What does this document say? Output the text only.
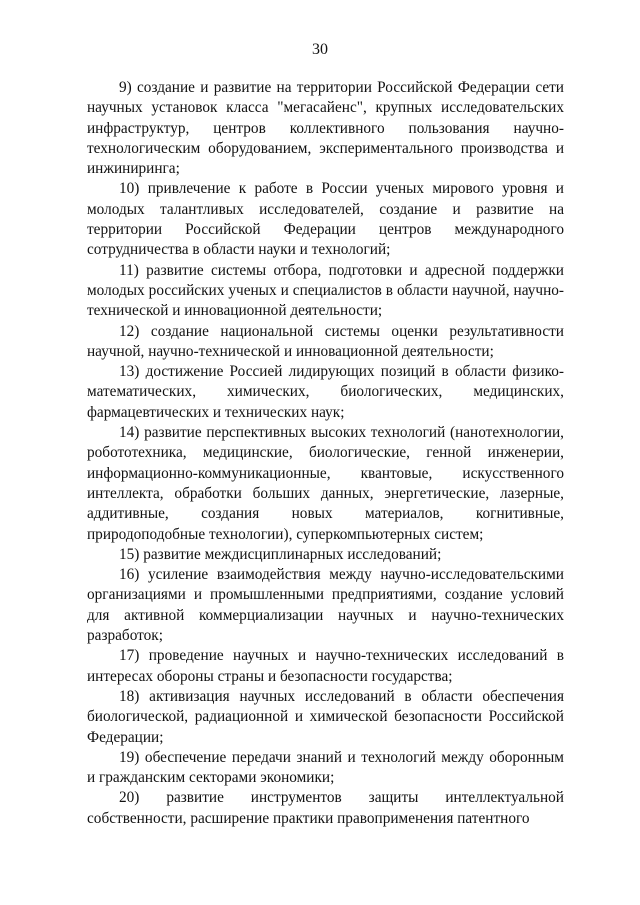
30

9) создание и развитие на территории Российской Федерации сети научных установок класса "мегасайенс", крупных исследовательских инфраструктур, центров коллективного пользования научно-технологическим оборудованием, экспериментального производства и инжиниринга;

10) привлечение к работе в России ученых мирового уровня и молодых талантливых исследователей, создание и развитие на территории Российской Федерации центров международного сотрудничества в области науки и технологий;

11) развитие системы отбора, подготовки и адресной поддержки молодых российских ученых и специалистов в области научной, научно-технической и инновационной деятельности;

12) создание национальной системы оценки результативности научной, научно-технической и инновационной деятельности;

13) достижение Россией лидирующих позиций в области физико-математических, химических, биологических, медицинских, фармацевтических и технических наук;

14) развитие перспективных высоких технологий (нанотехнологии, робототехника, медицинские, биологические, генной инженерии, информационно-коммуникационные, квантовые, искусственного интеллекта, обработки больших данных, энергетические, лазерные, аддитивные, создания новых материалов, когнитивные, природоподобные технологии), суперкомпьютерных систем;

15) развитие междисциплинарных исследований;

16) усиление взаимодействия между научно-исследовательскими организациями и промышленными предприятиями, создание условий для активной коммерциализации научных и научно-технических разработок;

17) проведение научных и научно-технических исследований в интересах обороны страны и безопасности государства;

18) активизация научных исследований в области обеспечения биологической, радиационной и химической безопасности Российской Федерации;

19) обеспечение передачи знаний и технологий между оборонным и гражданским секторами экономики;

20) развитие инструментов защиты интеллектуальной собственности, расширение практики правоприменения патентного
